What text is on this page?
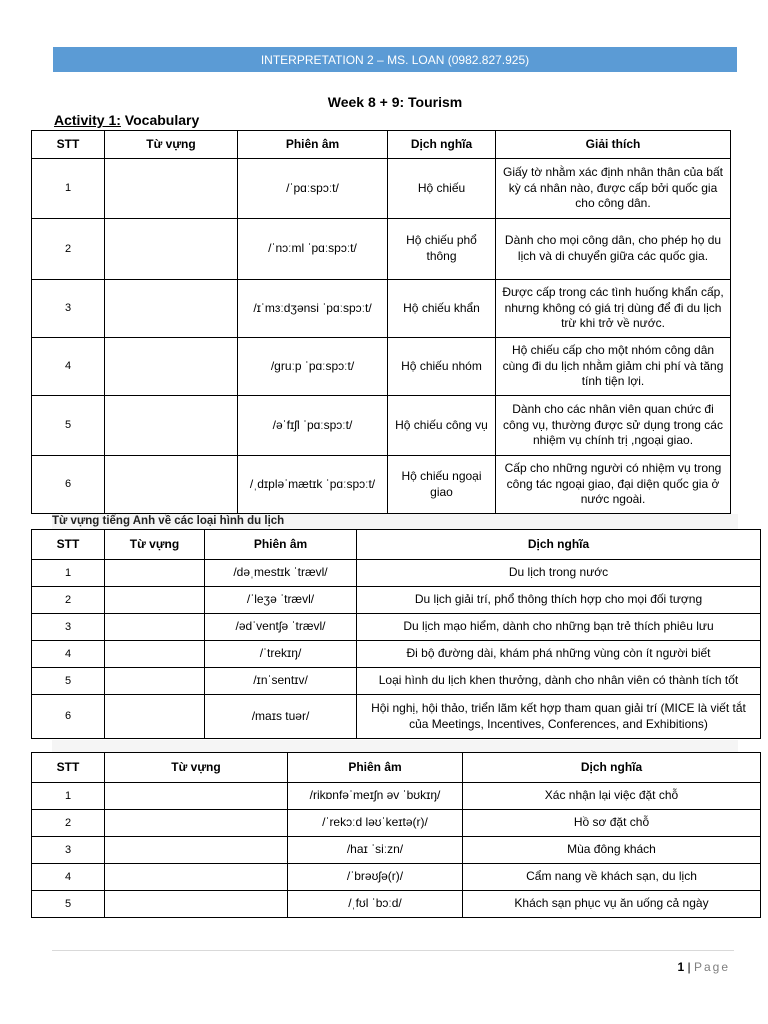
INTERPRETATION 2 – MS. LOAN (0982.827.925)
Week 8 + 9: Tourism
Activity 1: Vocabulary
STT	Từ vựng	Phiên âm	Dịch nghĩa	Giải thích
1		/ˈpɑːspɔːt/	Hộ chiếu	Giấy tờ nhằm xác định nhân thân của bất kỳ cá nhân nào, được cấp bởi quốc gia cho công dân.
2		/ˈnɔːml ˈpɑːspɔːt/	Hộ chiếu phổ thông	Dành cho mọi công dân, cho phép họ du lịch và di chuyển giữa các quốc gia.
3		/ɪˈmɜːdʒənsi ˈpɑːspɔːt/	Hộ chiếu khẩn	Được cấp trong các tình huống khẩn cấp, nhưng không có giá trị dùng để đi du lịch trừ khi trở về nước.
4		/ɡruːp ˈpɑːspɔːt/	Hộ chiếu nhóm	Hộ chiếu cấp cho một nhóm công dân cùng đi du lịch nhằm giảm chi phí và tăng tính tiện lợi.
5		/əˈfɪʃl ˈpɑːspɔːt/	Hộ chiếu công vụ	Dành cho các nhân viên quan chức đi công vụ, thường được sử dụng trong các nhiệm vụ chính trị ,ngoại giao.
6		/ˌdɪpləˈmætɪk ˈpɑːspɔːt/	Hộ chiếu ngoại giao	Cấp cho những người có nhiệm vụ trong công tác ngoại giao, đại diện quốc gia ở nước ngoài.
Từ vựng tiếng Anh về các loại hình du lịch
STT	Từ vựng	Phiên âm	Dịch nghĩa
1		/dəˌmestɪk ˈtrævl/	Du lịch trong nước
2		/ˈleʒə ˈtrævl/	Du lịch giải trí, phổ thông thích hợp cho mọi đối tượng
3		/ədˈventʃə ˈtrævl/	Du lịch mạo hiểm, dành cho những bạn trẻ thích phiêu lưu
4		/ˈtrekɪŋ/	Đi bộ đường dài, khám phá những vùng còn ít người biết
5		/ɪnˈsentɪv/	Loại hình du lịch khen thưởng, dành cho nhân viên có thành tích tốt
6		/maɪs tuər/	Hội nghị, hội thảo, triển lãm kết hợp tham quan giải trí (MICE là viết tắt của Meetings, Incentives, Conferences, and Exhibitions)
STT	Từ vựng	Phiên âm	Dịch nghĩa
1		/rikɒnfəˈmeɪʃn əv ˈbʊkɪŋ/	Xác nhận lại việc đặt chỗ
2		/ˈrekɔːd ləʊˈkeɪtə(r)/	Hồ sơ đặt chỗ
3		/haɪ ˈsiːzn/	Mùa đông khách
4		/ˈbrəʊʃə(r)/	Cẩm nang về khách sạn, du lịch
5		/ˌfʊl ˈbɔːd/	Khách sạn phục vụ ăn uống cả ngày
1 | Page
